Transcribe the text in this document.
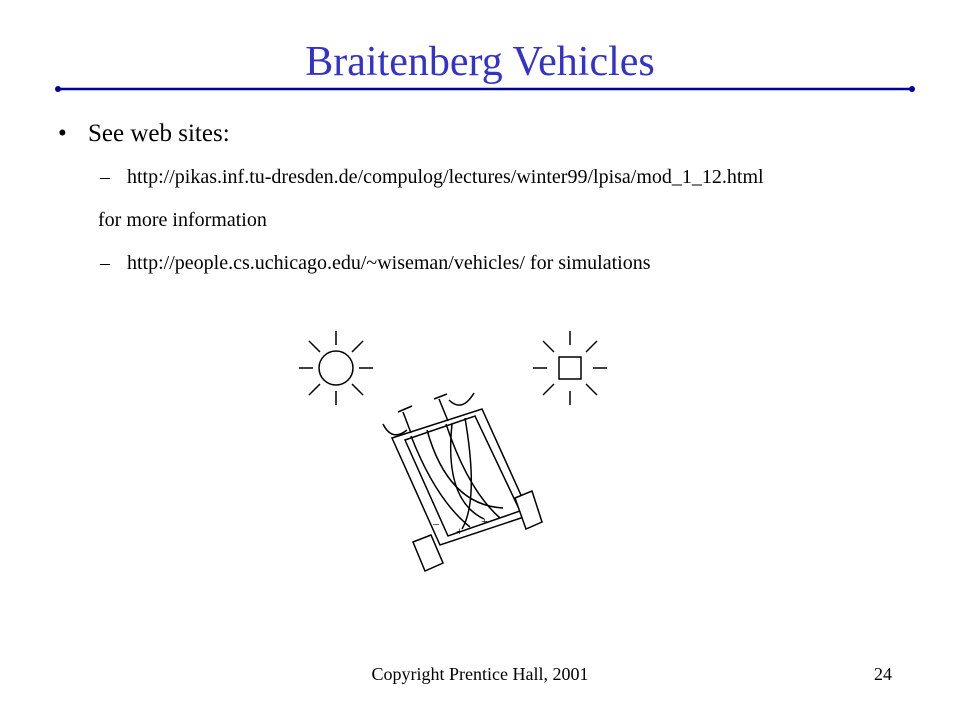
Braitenberg Vehicles
• See web sites:
– http://pikas.inf.tu-dresden.de/compulog/lectures/winter99/lpisa/mod_1_12.html
for more information
– http://people.cs.uchicago.edu/~wiseman/vehicles/ for simulations
–
+
+
Copyright Prentice Hall, 2001	24
